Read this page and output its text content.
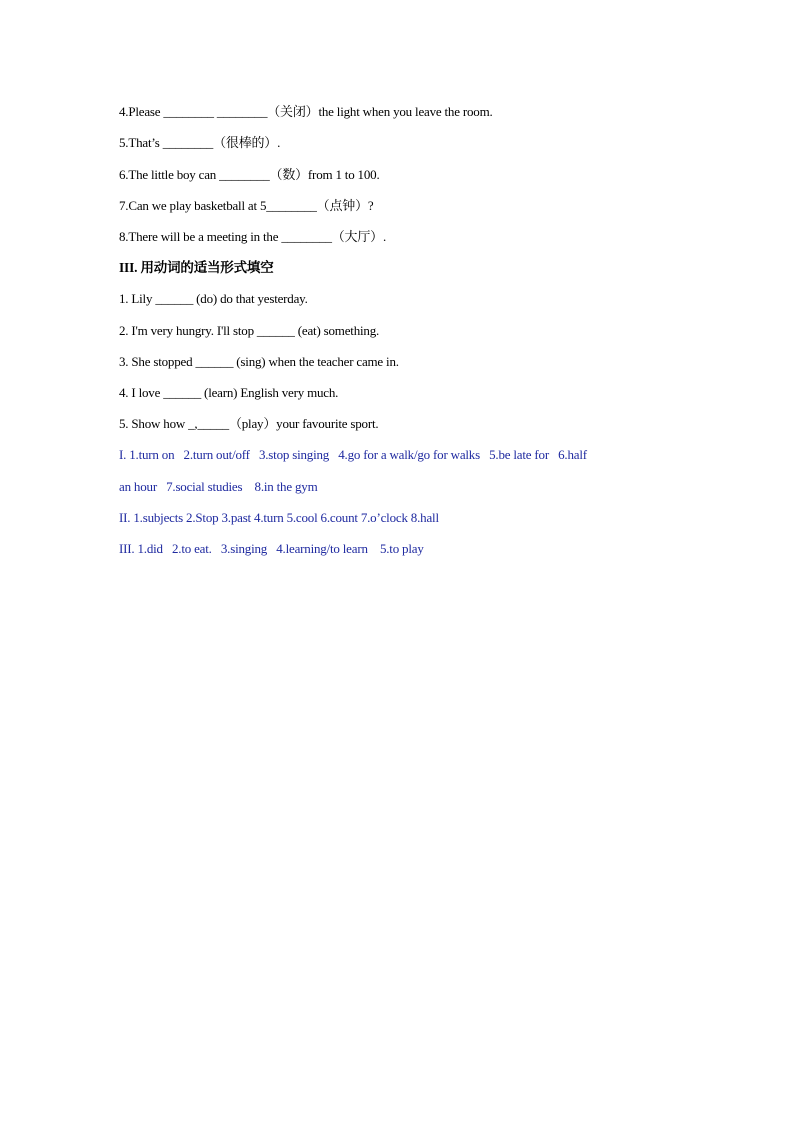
4.Please ________ ________（关闭）the light when you leave the room.
5.That’s ________（很棒的）.
6.The little boy can ________（数）from 1 to 100.
7.Can we play basketball at 5________（点钟）?
8.There will be a meeting in the ________（大厅）.
III. 用动词的适当形式填空
1. Lily ______ (do) do that yesterday.
2. I'm very hungry. I'll stop ______ (eat) something.
3. She stopped ______ (sing) when the teacher came in.
4. I love ______ (learn) English very much.
5. Show how _,_____（play）your favourite sport.
I. 1.turn on   2.turn out/off   3.stop singing   4.go for a walk/go for walks   5.be late for   6.half
an hour   7.social studies    8.in the gym
II. 1.subjects 2.Stop 3.past 4.turn 5.cool 6.count 7.o’clock 8.hall
III. 1.did   2.to eat.   3.singing   4.learning/to learn    5.to play
